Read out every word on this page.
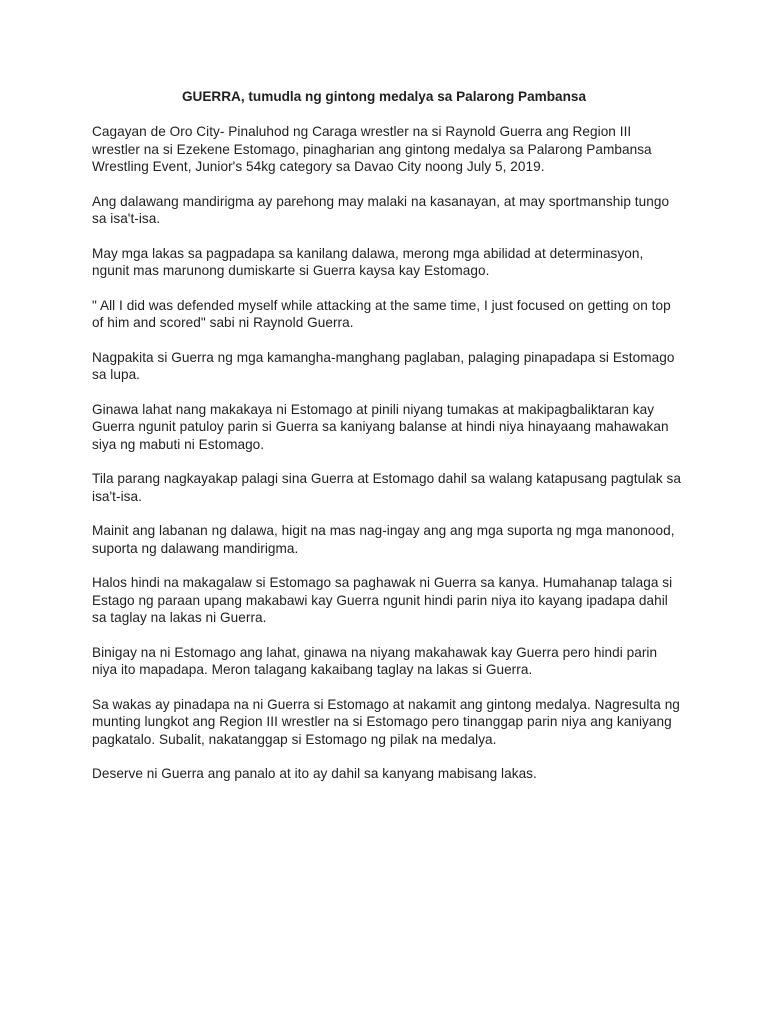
GUERRA, tumudla ng gintong medalya sa Palarong Pambansa

Cagayan de Oro City- Pinaluhod ng Caraga wrestler na si Raynold Guerra ang Region III wrestler na si Ezekene Estomago, pinagharian ang gintong medalya sa Palarong Pambansa Wrestling Event, Junior's 54kg category sa Davao City noong July 5, 2019.

Ang dalawang mandirigma ay parehong may malaki na kasanayan, at may sportmanship tungo sa isa't-isa.

May mga lakas sa pagpadapa sa kanilang dalawa, merong mga abilidad at determinasyon, ngunit mas marunong dumiskarte si Guerra kaysa kay Estomago.

" All I did was defended myself while attacking at the same time, I just focused on getting on top of him and scored" sabi ni Raynold Guerra.

Nagpakita si Guerra ng mga kamangha-manghang paglaban, palaging pinapadapa si Estomago sa lupa.

Ginawa lahat nang makakaya ni Estomago at pinili niyang tumakas at makipagbaliktaran kay Guerra ngunit patuloy parin si Guerra sa kaniyang balanse at hindi niya hinayaang mahawakan siya ng mabuti ni Estomago.

Tila parang nagkayakap palagi sina Guerra at Estomago dahil sa walang katapusang pagtulak sa isa't-isa.

Mainit ang labanan ng dalawa, higit na mas nag-ingay ang ang mga suporta ng mga manonood, suporta ng dalawang mandirigma.

Halos hindi na makagalaw si Estomago sa paghawak ni Guerra sa kanya. Humahanap talaga si Estago ng paraan upang makabawi kay Guerra ngunit hindi parin niya ito kayang ipadapa dahil sa taglay na lakas ni Guerra.

Binigay na ni Estomago ang lahat, ginawa na niyang makahawak kay Guerra pero hindi parin niya ito mapadapa. Meron talagang kakaibang taglay na lakas si Guerra.

Sa wakas ay pinadapa na ni Guerra si Estomago at nakamit ang gintong medalya. Nagresulta ng munting lungkot ang Region III wrestler na si Estomago pero tinanggap parin niya ang kaniyang pagkatalo. Subalit, nakatanggap si Estomago ng pilak na medalya.

Deserve ni Guerra ang panalo at ito ay dahil sa kanyang mabisang lakas.
